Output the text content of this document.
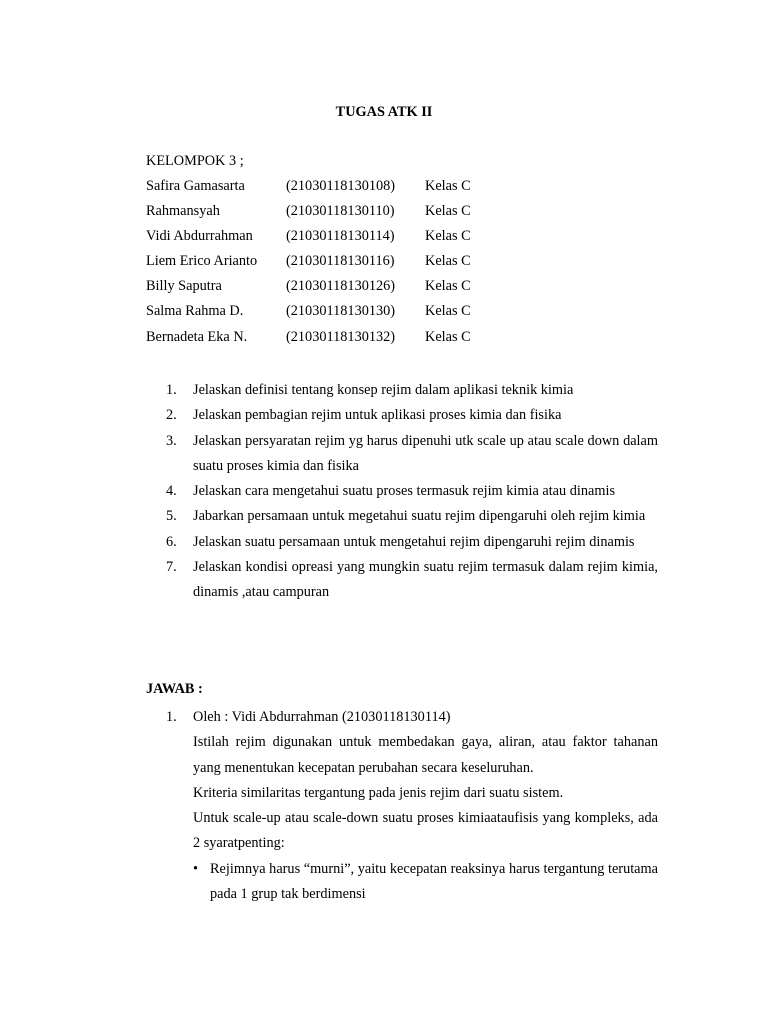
TUGAS ATK II
KELOMPOK 3 ;
Safira Gamasarta	(21030118130108) Kelas C
Rahmansyah	(21030118130110) Kelas C
Vidi Abdurrahman (21030118130114) Kelas C
Liem Erico Arianto (21030118130116) Kelas C
Billy Saputra	(21030118130126) Kelas C
Salma Rahma D.	(21030118130130) Kelas C
Bernadeta Eka N.	(21030118130132) Kelas C
1. Jelaskan definisi tentang konsep rejim dalam aplikasi teknik kimia
2. Jelaskan pembagian rejim untuk aplikasi proses kimia dan fisika
3. Jelaskan persyaratan rejim yg harus dipenuhi utk scale up atau scale down dalam suatu proses kimia dan fisika
4. Jelaskan cara mengetahui suatu proses termasuk rejim kimia atau dinamis
5. Jabarkan persamaan untuk megetahui suatu rejim dipengaruhi oleh rejim kimia
6. Jelaskan suatu persamaan untuk mengetahui rejim dipengaruhi rejim dinamis
7. Jelaskan kondisi opreasi yang mungkin suatu rejim termasuk dalam rejim kimia, dinamis ,atau campuran
JAWAB :
1. Oleh : Vidi Abdurrahman (21030118130114)
Istilah rejim digunakan untuk membedakan gaya, aliran, atau faktor tahanan yang menentukan kecepatan perubahan secara keseluruhan.
Kriteria similaritas tergantung pada jenis rejim dari suatu sistem.
Untuk scale-up atau scale-down suatu proses kimiaataufisis yang kompleks, ada 2 syaratpenting:
• Rejimnya harus “murni”, yaitu kecepatan reaksinya harus tergantung terutama pada 1 grup tak berdimensi
